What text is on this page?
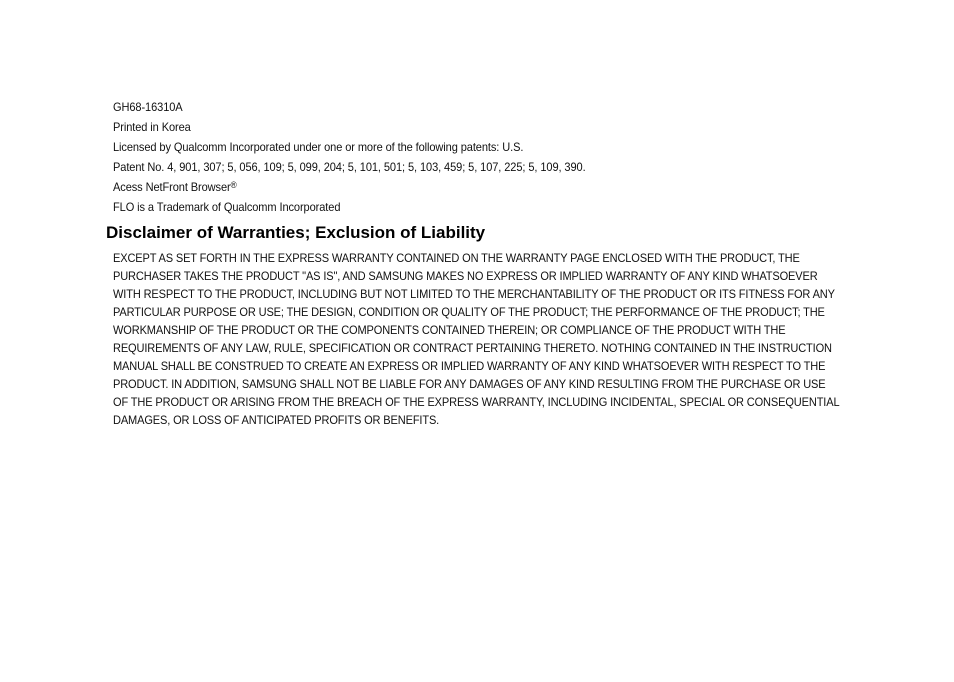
GH68-16310A
Printed in Korea
Licensed by Qualcomm Incorporated under one or more of the following patents: U.S.
Patent No. 4, 901, 307; 5, 056, 109; 5, 099, 204; 5, 101, 501; 5, 103, 459; 5, 107, 225; 5, 109, 390.
Acess NetFront Browser®
FLO is a Trademark of Qualcomm Incorporated
Disclaimer of Warranties; Exclusion of Liability

EXCEPT AS SET FORTH IN THE EXPRESS WARRANTY CONTAINED ON THE WARRANTY PAGE ENCLOSED WITH THE PRODUCT, THE PURCHASER TAKES THE PRODUCT "AS IS", AND SAMSUNG MAKES NO EXPRESS OR IMPLIED WARRANTY OF ANY KIND WHATSOEVER WITH RESPECT TO THE PRODUCT, INCLUDING BUT NOT LIMITED TO THE MERCHANTABILITY OF THE PRODUCT OR ITS FITNESS FOR ANY PARTICULAR PURPOSE OR USE; THE DESIGN, CONDITION OR QUALITY OF THE PRODUCT; THE PERFORMANCE OF THE PRODUCT; THE WORKMANSHIP OF THE PRODUCT OR THE COMPONENTS CONTAINED THEREIN; OR COMPLIANCE OF THE PRODUCT WITH THE REQUIREMENTS OF ANY LAW, RULE, SPECIFICATION OR CONTRACT PERTAINING THERETO. NOTHING CONTAINED IN THE INSTRUCTION MANUAL SHALL BE CONSTRUED TO CREATE AN EXPRESS OR IMPLIED WARRANTY OF ANY KIND WHATSOEVER WITH RESPECT TO THE PRODUCT. IN ADDITION, SAMSUNG SHALL NOT BE LIABLE FOR ANY DAMAGES OF ANY KIND RESULTING FROM THE PURCHASE OR USE OF THE PRODUCT OR ARISING FROM THE BREACH OF THE EXPRESS WARRANTY, INCLUDING INCIDENTAL, SPECIAL OR CONSEQUENTIAL DAMAGES, OR LOSS OF ANTICIPATED PROFITS OR BENEFITS.
